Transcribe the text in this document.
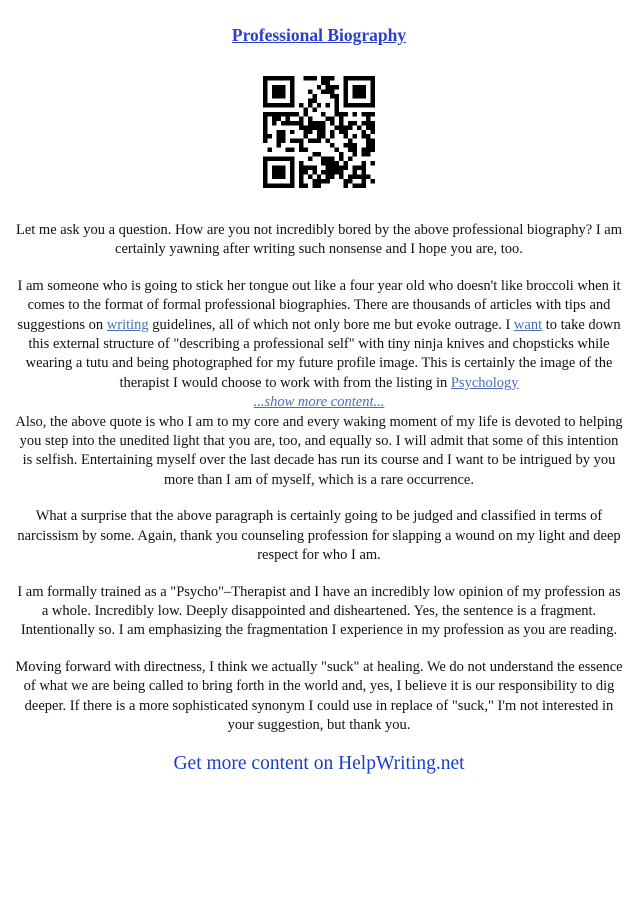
Professional Biography

Let me ask you a question. How are you not incredibly bored by the above professional biography? I am certainly yawning after writing such nonsense and I hope you are, too.

I am someone who is going to stick her tongue out like a four year old who doesn't like broccoli when it comes to the format of formal professional biographies. There are thousands of articles with tips and suggestions on writing guidelines, all of which not only bore me but evoke outrage. I want to take down this external structure of "describing a professional self" with tiny ninja knives and chopsticks while wearing a tutu and being photographed for my future profile image. This is certainly the image of the therapist I would choose to work with from the listing in Psychology
...show more content...

Also, the above quote is who I am to my core and every waking moment of my life is devoted to helping you step into the unedited light that you are, too, and equally so. I will admit that some of this intention is selfish. Entertaining myself over the last decade has run its course and I want to be intrigued by you more than I am of myself, which is a rare occurrence.

What a surprise that the above paragraph is certainly going to be judged and classified in terms of narcissism by some. Again, thank you counseling profession for slapping a wound on my light and deep respect for who I am.

I am formally trained as a "Psycho"–Therapist and I have an incredibly low opinion of my profession as a whole. Incredibly low. Deeply disappointed and disheartened. Yes, the sentence is a fragment. Intentionally so. I am emphasizing the fragmentation I experience in my profession as you are reading.

Moving forward with directness, I think we actually "suck" at healing. We do not understand the essence of what we are being called to bring forth in the world and, yes, I believe it is our responsibility to dig deeper. If there is a more sophisticated synonym I could use in replace of "suck," I'm not interested in your suggestion, but thank you.

Get more content on HelpWriting.net
